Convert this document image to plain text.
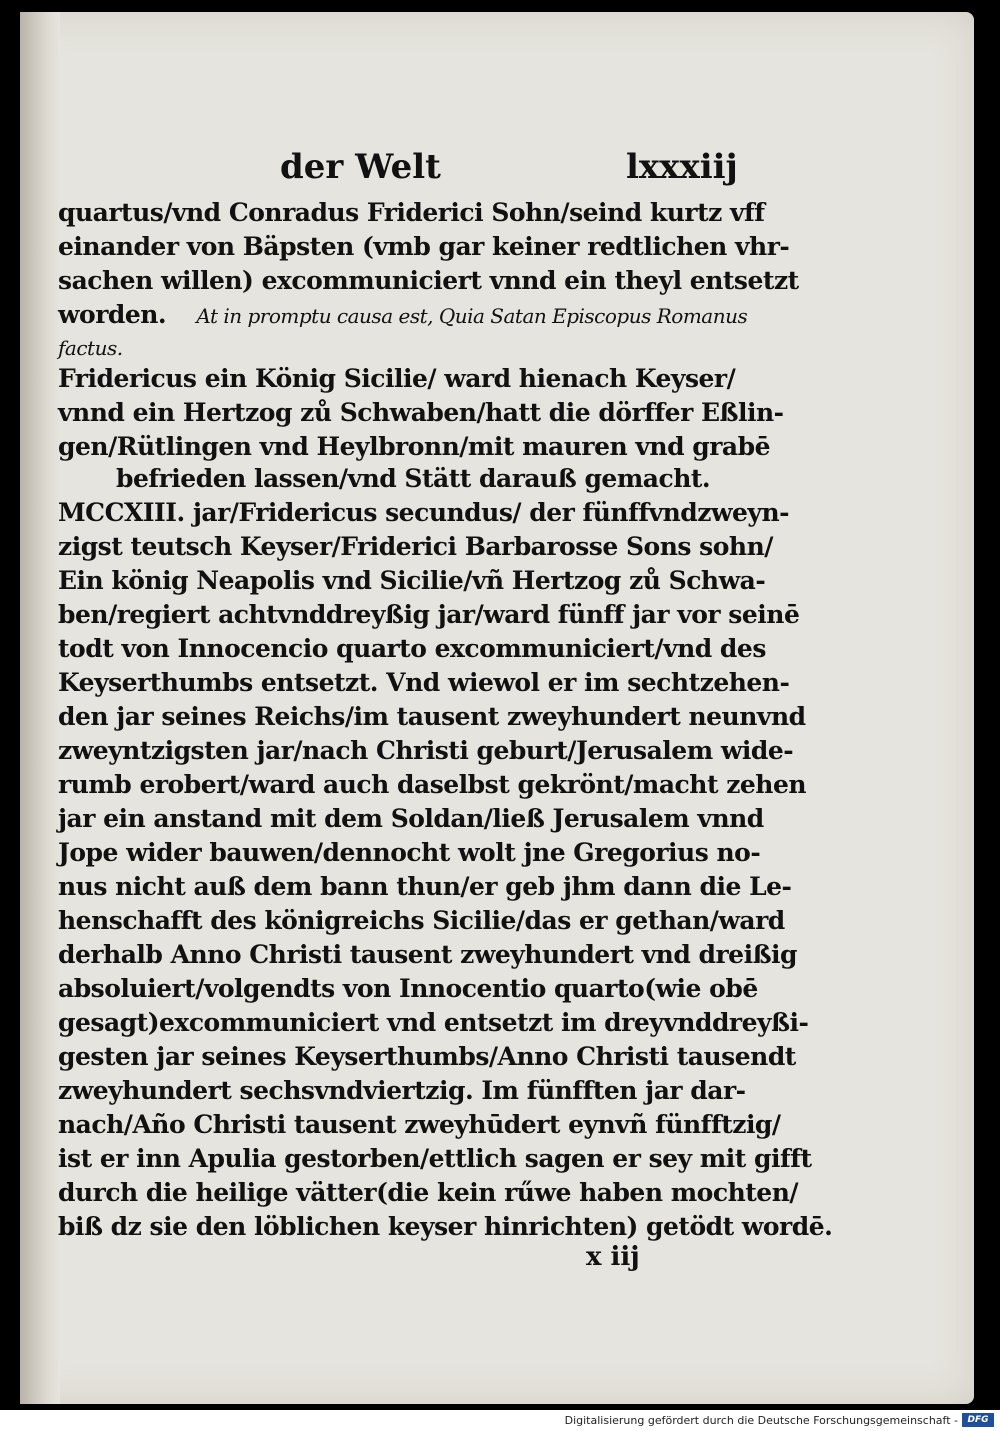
der Welt	lxxxiij
quartus/vnd Conradus Friderici Sohn/seind kurtz vff
einander von Bäpsten (vmb gar keiner redtlichen vhr-
sachen willen) excommuniciert vnnd ein theyl entsetzt
worden. At in promptu causa est, Quia Satan Episcopus Romanus
factus.
Fridericus ein König Sicilie/ ward hienach Keyser/
vnnd ein Hertzog zů Schwaben/hatt die dörffer Eßlin-
gen/Rütlingen vnd Heylbronn/mit mauren vnd grabē
befrieden lassen/vnd Stätt darauß gemacht.
MCCXIII. jar/Fridericus secundus/ der fünffvndzweyn-
zigst teutsch Keyser/Friderici Barbarosse Sons sohn/
Ein könig Neapolis vnd Sicilie/vñ Hertzog zů Schwa-
ben/regiert achtvnddreyßig jar/ward fünff jar vor seinē
todt von Innocencio quarto excommuniciert/vnd des
Keyserthumbs entsetzt. Vnd wiewol er im sechtzehen-
den jar seines Reichs/im tausent zweyhundert neunvnd
zweyntzigsten jar/nach Christi geburt/Jerusalem wide-
rumb erobert/ward auch daselbst gekrönt/macht zehen
jar ein anstand mit dem Soldan/ließ Jerusalem vnnd
Jope wider bauwen/dennocht wolt jne Gregorius no-
nus nicht auß dem bann thun/er geb jhm dann die Le-
henschafft des königreichs Sicilie/das er gethan/ward
derhalb Anno Christi tausent zweyhundert vnd dreißig
absoluiert/volgendts von Innocentio quarto(wie obē
gesagt)excommuniciert vnd entsetzt im dreyvnddreyßi-
gesten jar seines Keyserthumbs/Anno Christi tausendt
zweyhundert sechsvndviertzig. Im fünfften jar dar-
nach/Año Christi tausent zweyhūdert eynvñ fünfftzig/
ist er inn Apulia gestorben/ettlich sagen er sey mit gifft
durch die heilige vätter(die kein rűwe haben mochten/
biß dz sie den löblichen keyser hinrichten) getödt wordē.
x iij
Digitalisierung gefördert durch die Deutsche Forschungsgemeinschaft -	DFG
